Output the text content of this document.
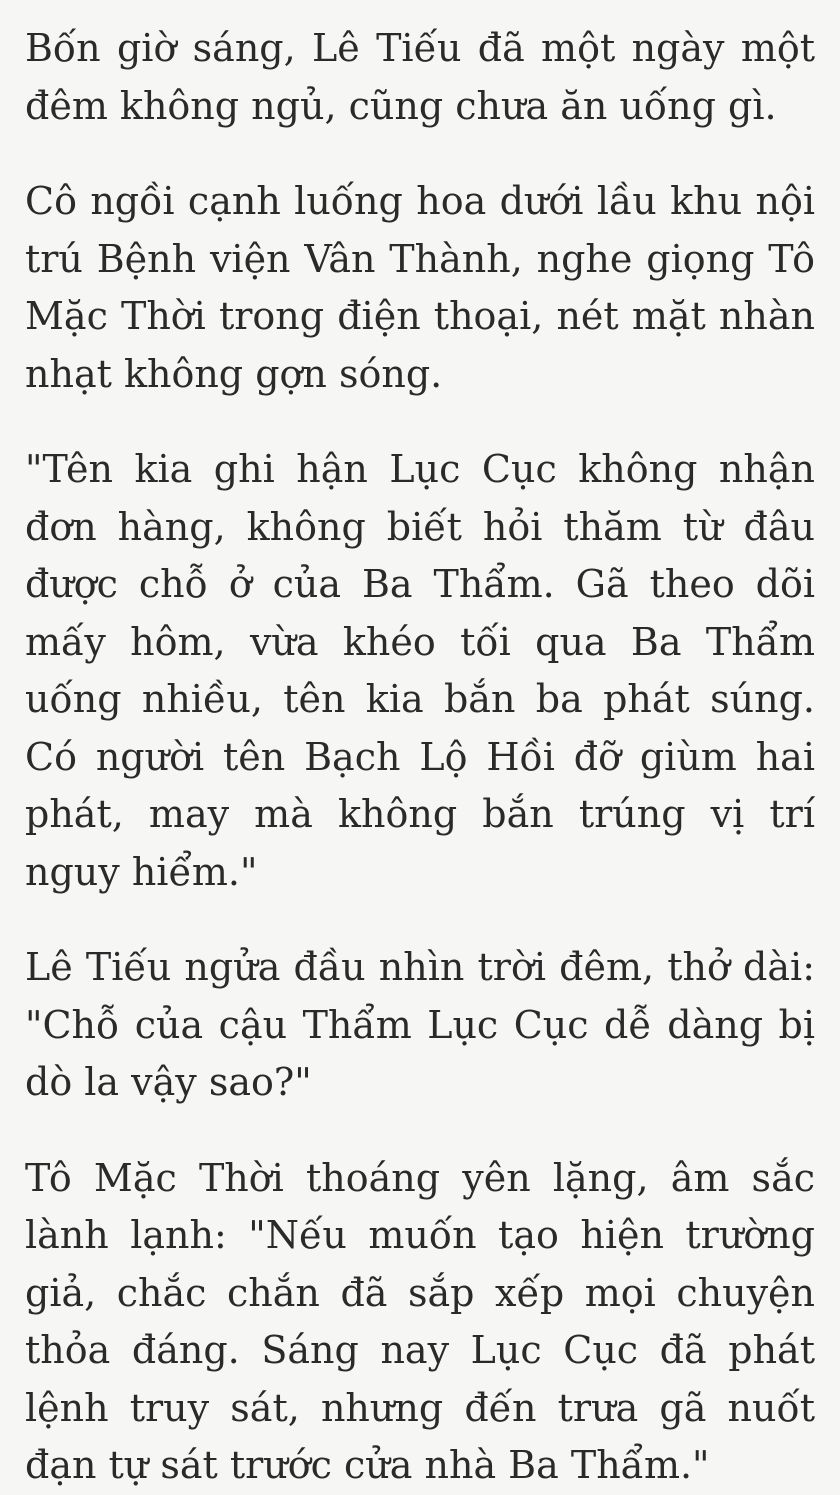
Bốn giờ sáng, Lê Tiếu đã một ngày một đêm không ngủ, cũng chưa ăn uống gì.

Cô ngồi cạnh luống hoa dưới lầu khu nội trú Bệnh viện Vân Thành, nghe giọng Tô Mặc Thời trong điện thoại, nét mặt nhàn nhạt không gợn sóng.

"Tên kia ghi hận Lục Cục không nhận đơn hàng, không biết hỏi thăm từ đâu được chỗ ở của Ba Thẩm. Gã theo dõi mấy hôm, vừa khéo tối qua Ba Thẩm uống nhiều, tên kia bắn ba phát súng. Có người tên Bạch Lộ Hồi đỡ giùm hai phát, may mà không bắn trúng vị trí nguy hiểm."

Lê Tiếu ngửa đầu nhìn trời đêm, thở dài: "Chỗ của cậu Thẩm Lục Cục dễ dàng bị dò la vậy sao?"

Tô Mặc Thời thoáng yên lặng, âm sắc lành lạnh: "Nếu muốn tạo hiện trường giả, chắc chắn đã sắp xếp mọi chuyện thỏa đáng. Sáng nay Lục Cục đã phát lệnh truy sát, nhưng đến trưa gã nuốt đạn tự sát trước cửa nhà Ba Thẩm."
